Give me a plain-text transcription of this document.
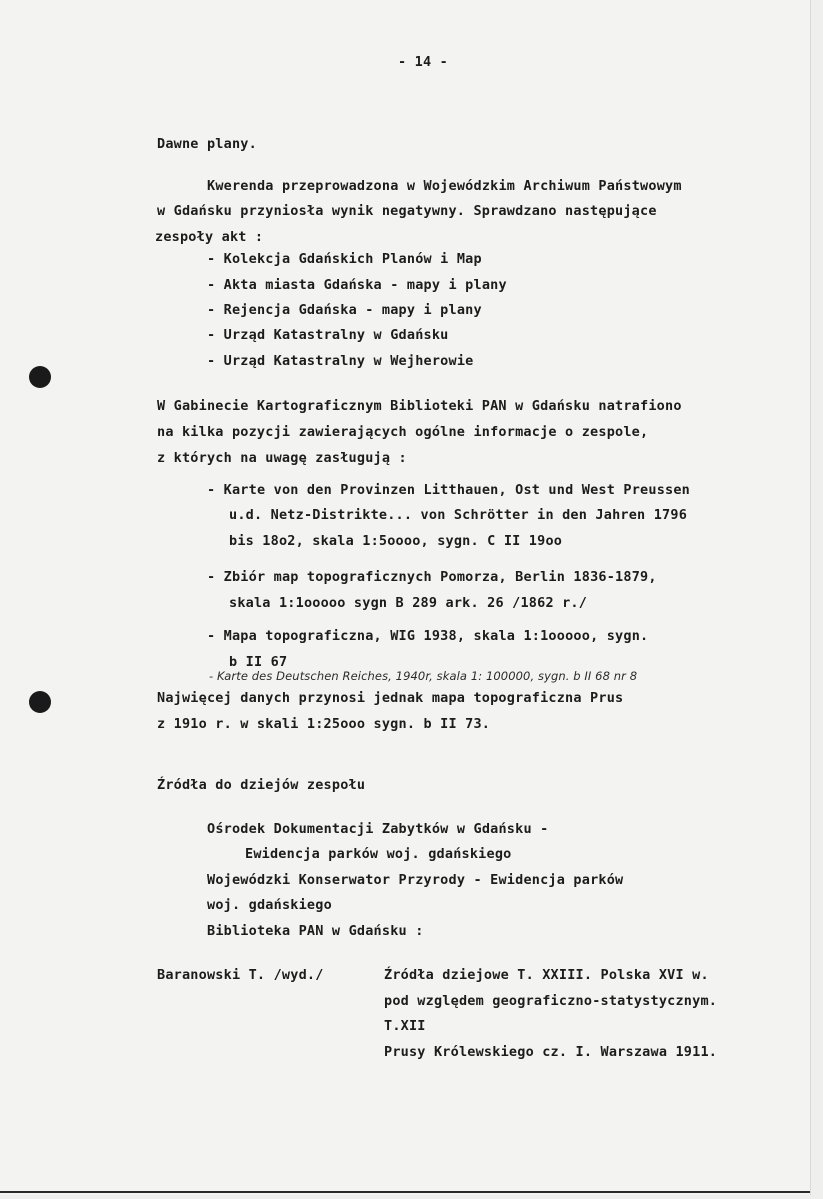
- 14 -
Dawne plany.
Kwerenda przeprowadzona w Wojewódzkim Archiwum Państwowym
w Gdańsku przyniosła wynik negatywny. Sprawdzano następujące
zespoły akt :
- Kolekcja Gdańskich Planów i Map
- Akta miasta Gdańska - mapy i plany
- Rejencja Gdańska - mapy i plany
- Urząd Katastralny w Gdańsku
- Urząd Katastralny w Wejherowie
W Gabinecie Kartograficznym Biblioteki PAN w Gdańsku natrafiono
na kilka pozycji zawierających ogólne informacje o zespole,
z których na uwagę zasługują :
- Karte von den Provinzen Litthauen, Ost und West Preussen
u.d. Netz-Distrikte... von Schrötter in den Jahren 1796
bis 18o2, skala 1:5oooo, sygn. C II 19oo
- Zbiór map topograficznych Pomorza, Berlin 1836-1879,
skala 1:1ooooo sygn B 289 ark. 26 /1862 r./
- Mapa topograficzna, WIG 1938, skala 1:1ooooo, sygn.
b II 67
- Karte des Deutschen Reiches, 1940r, skala 1: 100000, sygn. b II 68 nr 8
Najwięcej danych przynosi jednak mapa topograficzna Prus
z 191o r. w skali 1:25ooo sygn. b II 73.
Źródła do dziejów zespołu
Ośrodek Dokumentacji Zabytków w Gdańsku -
Ewidencja parków woj. gdańskiego
Wojewódzki Konserwator Przyrody - Ewidencja parków
woj. gdańskiego
Biblioteka PAN w Gdańsku :
Baranowski T. /wyd./	Źródła dziejowe T. XXIII. Polska XVI w.
pod względem geograficzno-statystycznym.
T.XII
Prusy Królewskiego cz. I. Warszawa 1911.
